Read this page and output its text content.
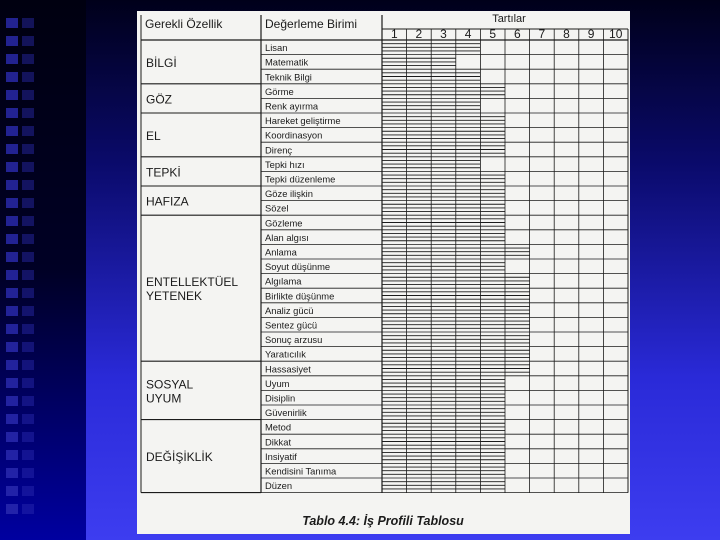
Gerekli Özellik	Değerleme Birimi	Tartılar
1 2 3 4 5 6 7 8 9 10
BİLGİ
GÖZ
EL
TEPKİ
HAFIZA
ENTELLEKTÜEL
YETENEK
SOSYAL
UYUM
DEĞİŞİKLİK
Lisan
Matematik
Teknik Bilgi
Görme
Renk ayırma
Hareket geliştirme
Koordinasyon
Direnç
Tepki hızı
Tepki düzenleme
Göze ilişkin
Sözel
Gözleme
Alan algısı
Anlama
Soyut düşünme
Algılama
Birlikte düşünme
Analiz gücü
Sentez gücü
Sonuç arzusu
Yaratıcılık
Hassasiyet
Uyum
Disiplin
Güvenirlik
Metod
Dikkat
Insiyatif
Kendisini Tanıma
Düzen
Tablo 4.4: İş Profili Tablosu
